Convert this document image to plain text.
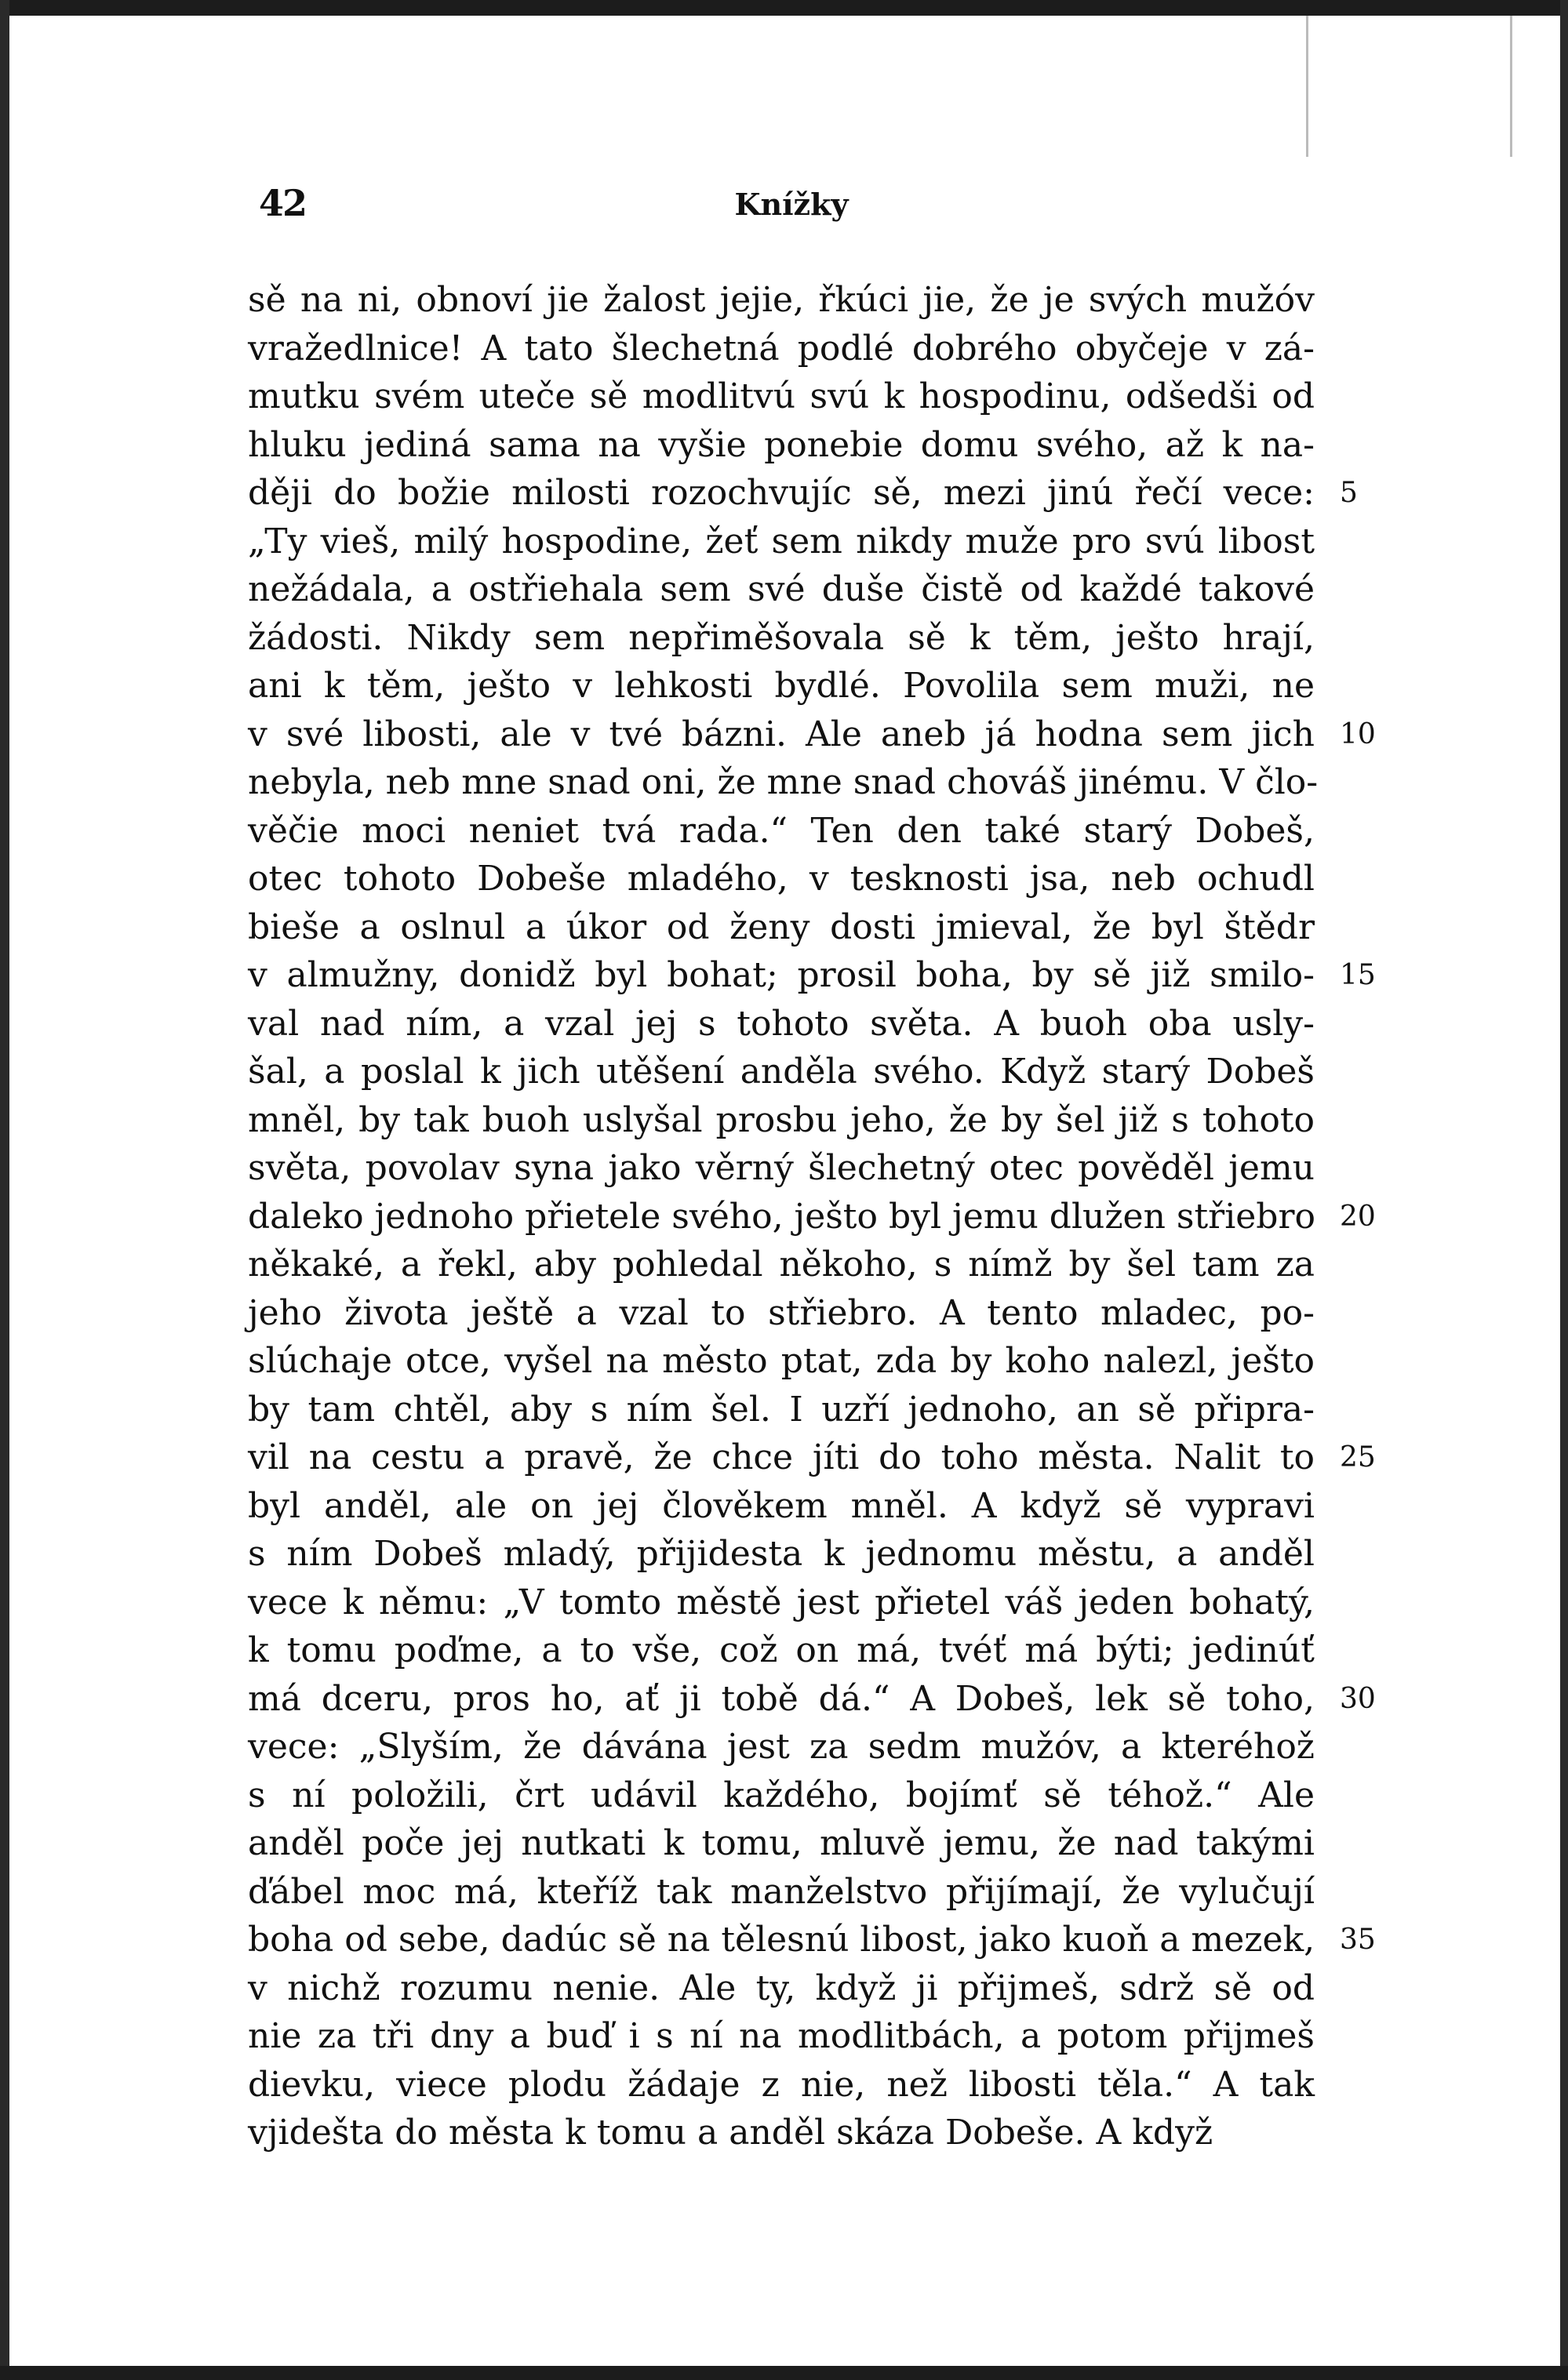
42	Knížky
sě na ni, obnoví jie žalost jejie, řkúci jie, že je svých mužóv
vražedlnice! A tato šlechetná podlé dobrého obyčeje v zá-
mutku svém uteče sě modlitvú svú k hospodinu, odšedši od
hluku jediná sama na vyšie ponebie domu svého, až k na-
ději do božie milosti rozochvujíc sě, mezi jinú řečí vece: 5
„Ty vieš, milý hospodine, žeť sem nikdy muže pro svú libost
nežádala, a ostřiehala sem své duše čistě od každé takové
žádosti. Nikdy sem nepřiměšovala sě k těm, ješto hrají,
ani k těm, ješto v lehkosti bydlé. Povolila sem muži, ne
v své libosti, ale v tvé bázni. Ale aneb já hodna sem jich 10
nebyla, neb mne snad oni, že mne snad chováš jinému. V člo-
věčie moci neniet tvá rada.“ Ten den také starý Dobeš,
otec tohoto Dobeše mladého, v tesknosti jsa, neb ochudl
bieše a oslnul a úkor od ženy dosti jmieval, že byl štědr
v almužny, donidž byl bohat; prosil boha, by sě již smilo- 15
val nad ním, a vzal jej s tohoto světa. A buoh oba usly-
šal, a poslal k jich utěšení anděla svého. Když starý Dobeš
mněl, by tak buoh uslyšal prosbu jeho, že by šel již s tohoto
světa, povolav syna jako věrný šlechetný otec pověděl jemu
daleko jednoho přietele svého, ješto byl jemu dlužen střiebro 20
někaké, a řekl, aby pohledal někoho, s nímž by šel tam za
jeho života ještě a vzal to střiebro. A tento mladec, po-
slúchaje otce, vyšel na město ptat, zda by koho nalezl, ješto
by tam chtěl, aby s ním šel. I uzří jednoho, an sě připra-
vil na cestu a pravě, že chce jíti do toho města. Nalit to 25
byl anděl, ale on jej člověkem mněl. A když sě vypravi
s ním Dobeš mladý, přijidesta k jednomu městu, a anděl
vece k němu: „V tomto městě jest přietel váš jeden bohatý,
k tomu poďme, a to vše, což on má, tvéť má býti; jedinúť
má dceru, pros ho, ať ji tobě dá.“ A Dobeš, lek sě toho, 30
vece: „Slyším, že dávána jest za sedm mužóv, a kteréhož
s ní položili, črt udávil každého, bojímť sě téhož.“ Ale
anděl poče jej nutkati k tomu, mluvě jemu, že nad takými
ďábel moc má, kteříž tak manželstvo přijímají, že vylučují
boha od sebe, dadúc sě na tělesnú libost, jako kuoň a mezek, 35
v nichž rozumu nenie. Ale ty, když ji přijmeš, sdrž sě od
nie za tři dny a buď i s ní na modlitbách, a potom přijmeš
dievku, viece plodu žádaje z nie, než libosti těla.“ A tak
vjidešta do města k tomu a anděl skáza Dobeše. A když
